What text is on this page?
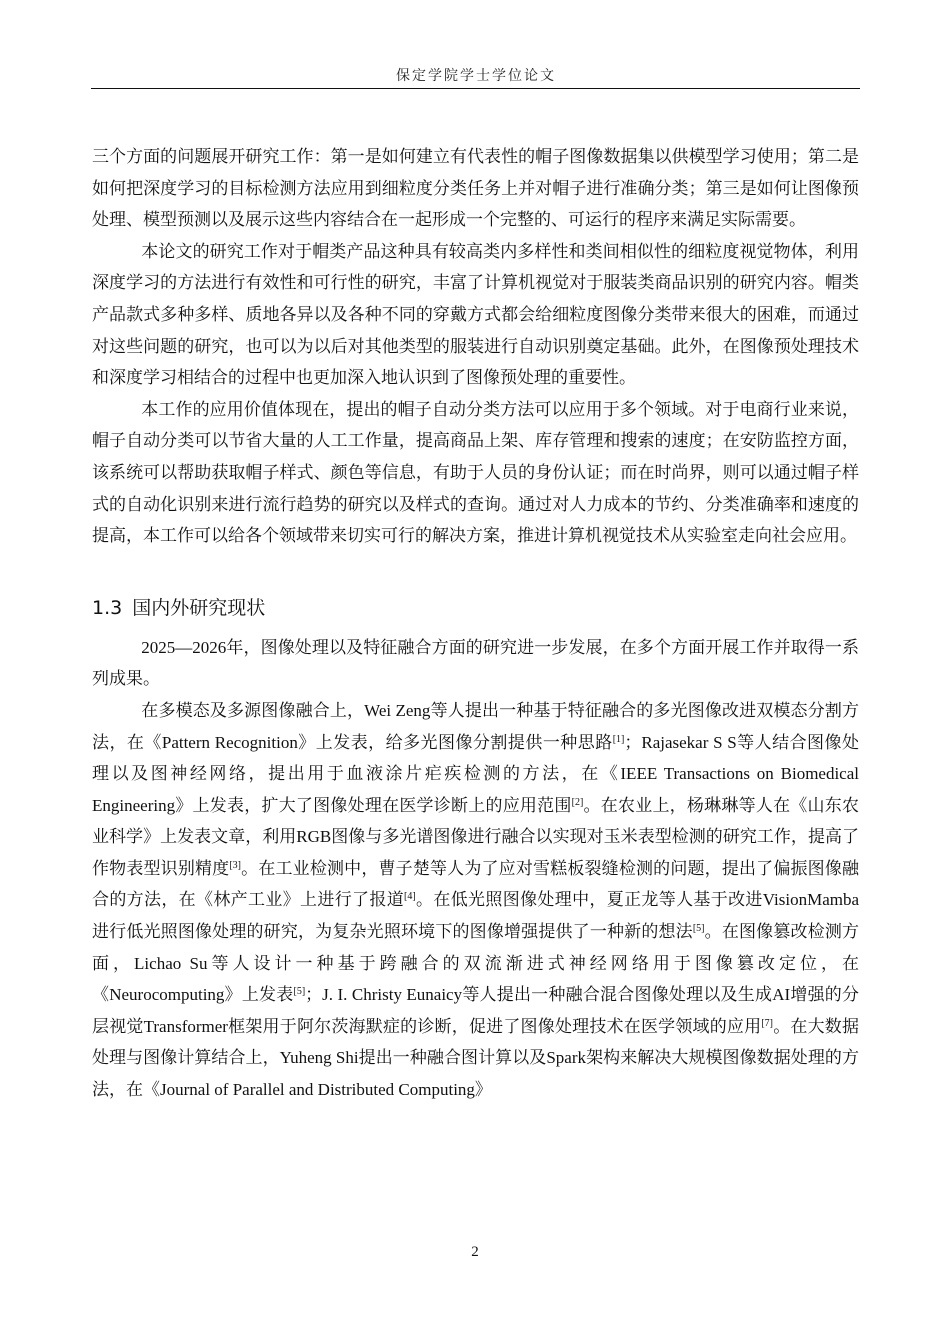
保定学院学士学位论文

三个方面的问题展开研究工作：第一是如何建立有代表性的帽子图像数据集以供模型学习使用；第二是如何把深度学习的目标检测方法应用到细粒度分类任务上并对帽子进行准确分类；第三是如何让图像预处理、模型预测以及展示这些内容结合在一起形成一个完整的、可运行的程序来满足实际需要。

本论文的研究工作对于帽类产品这种具有较高类内多样性和类间相似性的细粒度视觉物体，利用深度学习的方法进行有效性和可行性的研究，丰富了计算机视觉对于服装类商品识别的研究内容。帽类产品款式多种多样、质地各异以及各种不同的穿戴方式都会给细粒度图像分类带来很大的困难，而通过对这些问题的研究，也可以为以后对其他类型的服装进行自动识别奠定基础。此外，在图像预处理技术和深度学习相结合的过程中也更加深入地认识到了图像预处理的重要性。

本工作的应用价值体现在，提出的帽子自动分类方法可以应用于多个领域。对于电商行业来说，帽子自动分类可以节省大量的人工工作量，提高商品上架、库存管理和搜索的速度；在安防监控方面，该系统可以帮助获取帽子样式、颜色等信息，有助于人员的身份认证；而在时尚界，则可以通过帽子样式的自动化识别来进行流行趋势的研究以及样式的查询。通过对人力成本的节约、分类准确率和速度的提高，本工作可以给各个领域带来切实可行的解决方案，推进计算机视觉技术从实验室走向社会应用。

1.3 国内外研究现状

2025—2026年，图像处理以及特征融合方面的研究进一步发展，在多个方面开展工作并取得一系列成果。

在多模态及多源图像融合上，Wei Zeng等人提出一种基于特征融合的多光图像改进双模态分割方法，在《Pattern Recognition》上发表，给多光图像分割提供一种思路[1]；Rajasekar S S等人结合图像处理以及图神经网络，提出用于血液涂片疟疾检测的方法，在《IEEE Transactions on Biomedical Engineering》上发表，扩大了图像处理在医学诊断上的应用范围[2]。在农业上，杨琳琳等人在《山东农业科学》上发表文章，利用RGB图像与多光谱图像进行融合以实现对玉米表型检测的研究工作，提高了作物表型识别精度[3]。在工业检测中，曹子楚等人为了应对雪糕板裂缝检测的问题，提出了偏振图像融合的方法，在《林产工业》上进行了报道[4]。在低光照图像处理中，夏正龙等人基于改进VisionMamba进行低光照图像处理的研究，为复杂光照环境下的图像增强提供了一种新的想法[5]。在图像篡改检测方面，Lichao Su等人设计一种基于跨融合的双流渐进式神经网络用于图像篡改定位，在《Neurocomputing》上发表[5]；J. I. Christy Eunaicy等人提出一种融合混合图像处理以及生成AI增强的分层视觉Transformer框架用于阿尔茨海默症的诊断，促进了图像处理技术在医学领域的应用[7]。在大数据处理与图像计算结合上，Yuheng Shi提出一种融合图计算以及Spark架构来解决大规模图像数据处理的方法，在《Journal of Parallel and Distributed Computing》

2
